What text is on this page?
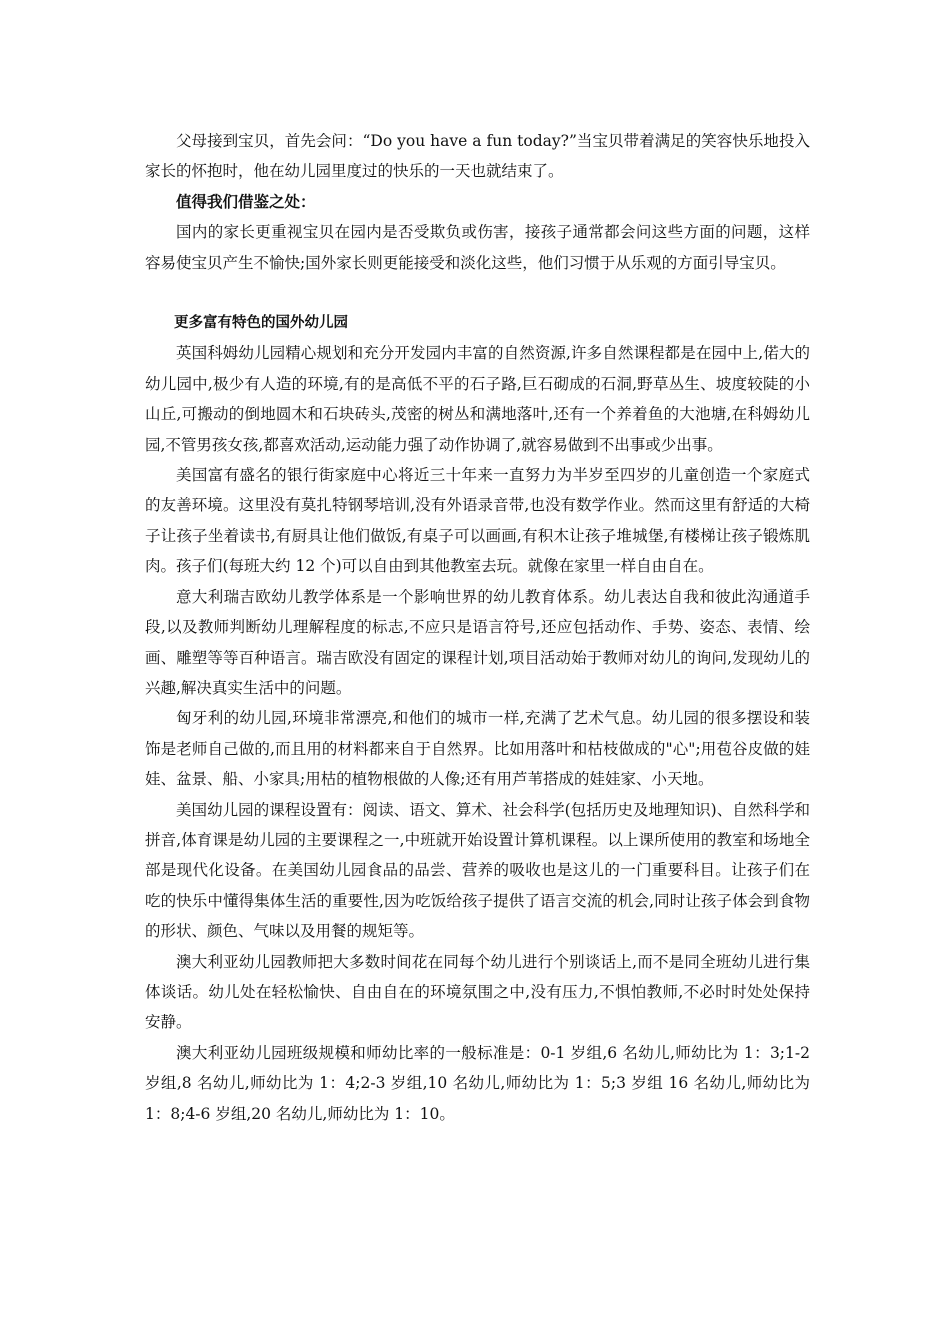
父母接到宝贝，首先会问：“Do you have a fun today?”当宝贝带着满足的笑容快乐地投入家长的怀抱时，他在幼儿园里度过的快乐的一天也就结束了。

值得我们借鉴之处：

国内的家长更重视宝贝在园内是否受欺负或伤害，接孩子通常都会问这些方面的问题，这样容易使宝贝产生不愉快;国外家长则更能接受和淡化这些，他们习惯于从乐观的方面引导宝贝。

更多富有特色的国外幼儿园

英国科姆幼儿园精心规划和充分开发园内丰富的自然资源,许多自然课程都是在园中上,偌大的幼儿园中,极少有人造的环境,有的是高低不平的石子路,巨石砌成的石洞,野草丛生、坡度较陡的小山丘,可搬动的倒地圆木和石块砖头,茂密的树丛和满地落叶,还有一个养着鱼的大池塘,在科姆幼儿园,不管男孩女孩,都喜欢活动,运动能力强了动作协调了,就容易做到不出事或少出事。

美国富有盛名的银行街家庭中心将近三十年来一直努力为半岁至四岁的儿童创造一个家庭式的友善环境。这里没有莫扎特钢琴培训,没有外语录音带,也没有数学作业。然而这里有舒适的大椅子让孩子坐着读书,有厨具让他们做饭,有桌子可以画画,有积木让孩子堆城堡,有楼梯让孩子锻炼肌肉。孩子们(每班大约 12 个)可以自由到其他教室去玩。就像在家里一样自由自在。

意大利瑞吉欧幼儿教学体系是一个影响世界的幼儿教育体系。幼儿表达自我和彼此沟通道手段,以及教师判断幼儿理解程度的标志,不应只是语言符号,还应包括动作、手势、姿态、表情、绘画、雕塑等等百种语言。瑞吉欧没有固定的课程计划,项目活动始于教师对幼儿的询问,发现幼儿的兴趣,解决真实生活中的问题。

匈牙利的幼儿园,环境非常漂亮,和他们的城市一样,充满了艺术气息。幼儿园的很多摆设和装饰是老师自己做的,而且用的材料都来自于自然界。比如用落叶和枯枝做成的"心";用苞谷皮做的娃娃、盆景、船、小家具;用枯的植物根做的人像;还有用芦苇搭成的娃娃家、小天地。

美国幼儿园的课程设置有：阅读、语文、算术、社会科学(包括历史及地理知识)、自然科学和拼音,体育课是幼儿园的主要课程之一,中班就开始设置计算机课程。以上课所使用的教室和场地全部是现代化设备。在美国幼儿园食品的品尝、营养的吸收也是这儿的一门重要科目。让孩子们在吃的快乐中懂得集体生活的重要性,因为吃饭给孩子提供了语言交流的机会,同时让孩子体会到食物的形状、颜色、气味以及用餐的规矩等。

澳大利亚幼儿园教师把大多数时间花在同每个幼儿进行个别谈话上,而不是同全班幼儿进行集体谈话。幼儿处在轻松愉快、自由自在的环境氛围之中,没有压力,不惧怕教师,不必时时处处保持安静。

澳大利亚幼儿园班级规模和师幼比率的一般标准是：0-1 岁组,6 名幼儿,师幼比为 1：3;1-2 岁组,8 名幼儿,师幼比为 1：4;2-3 岁组,10 名幼儿,师幼比为 1：5;3 岁组 16 名幼儿,师幼比为 1：8;4-6 岁组,20 名幼儿,师幼比为 1：10。
